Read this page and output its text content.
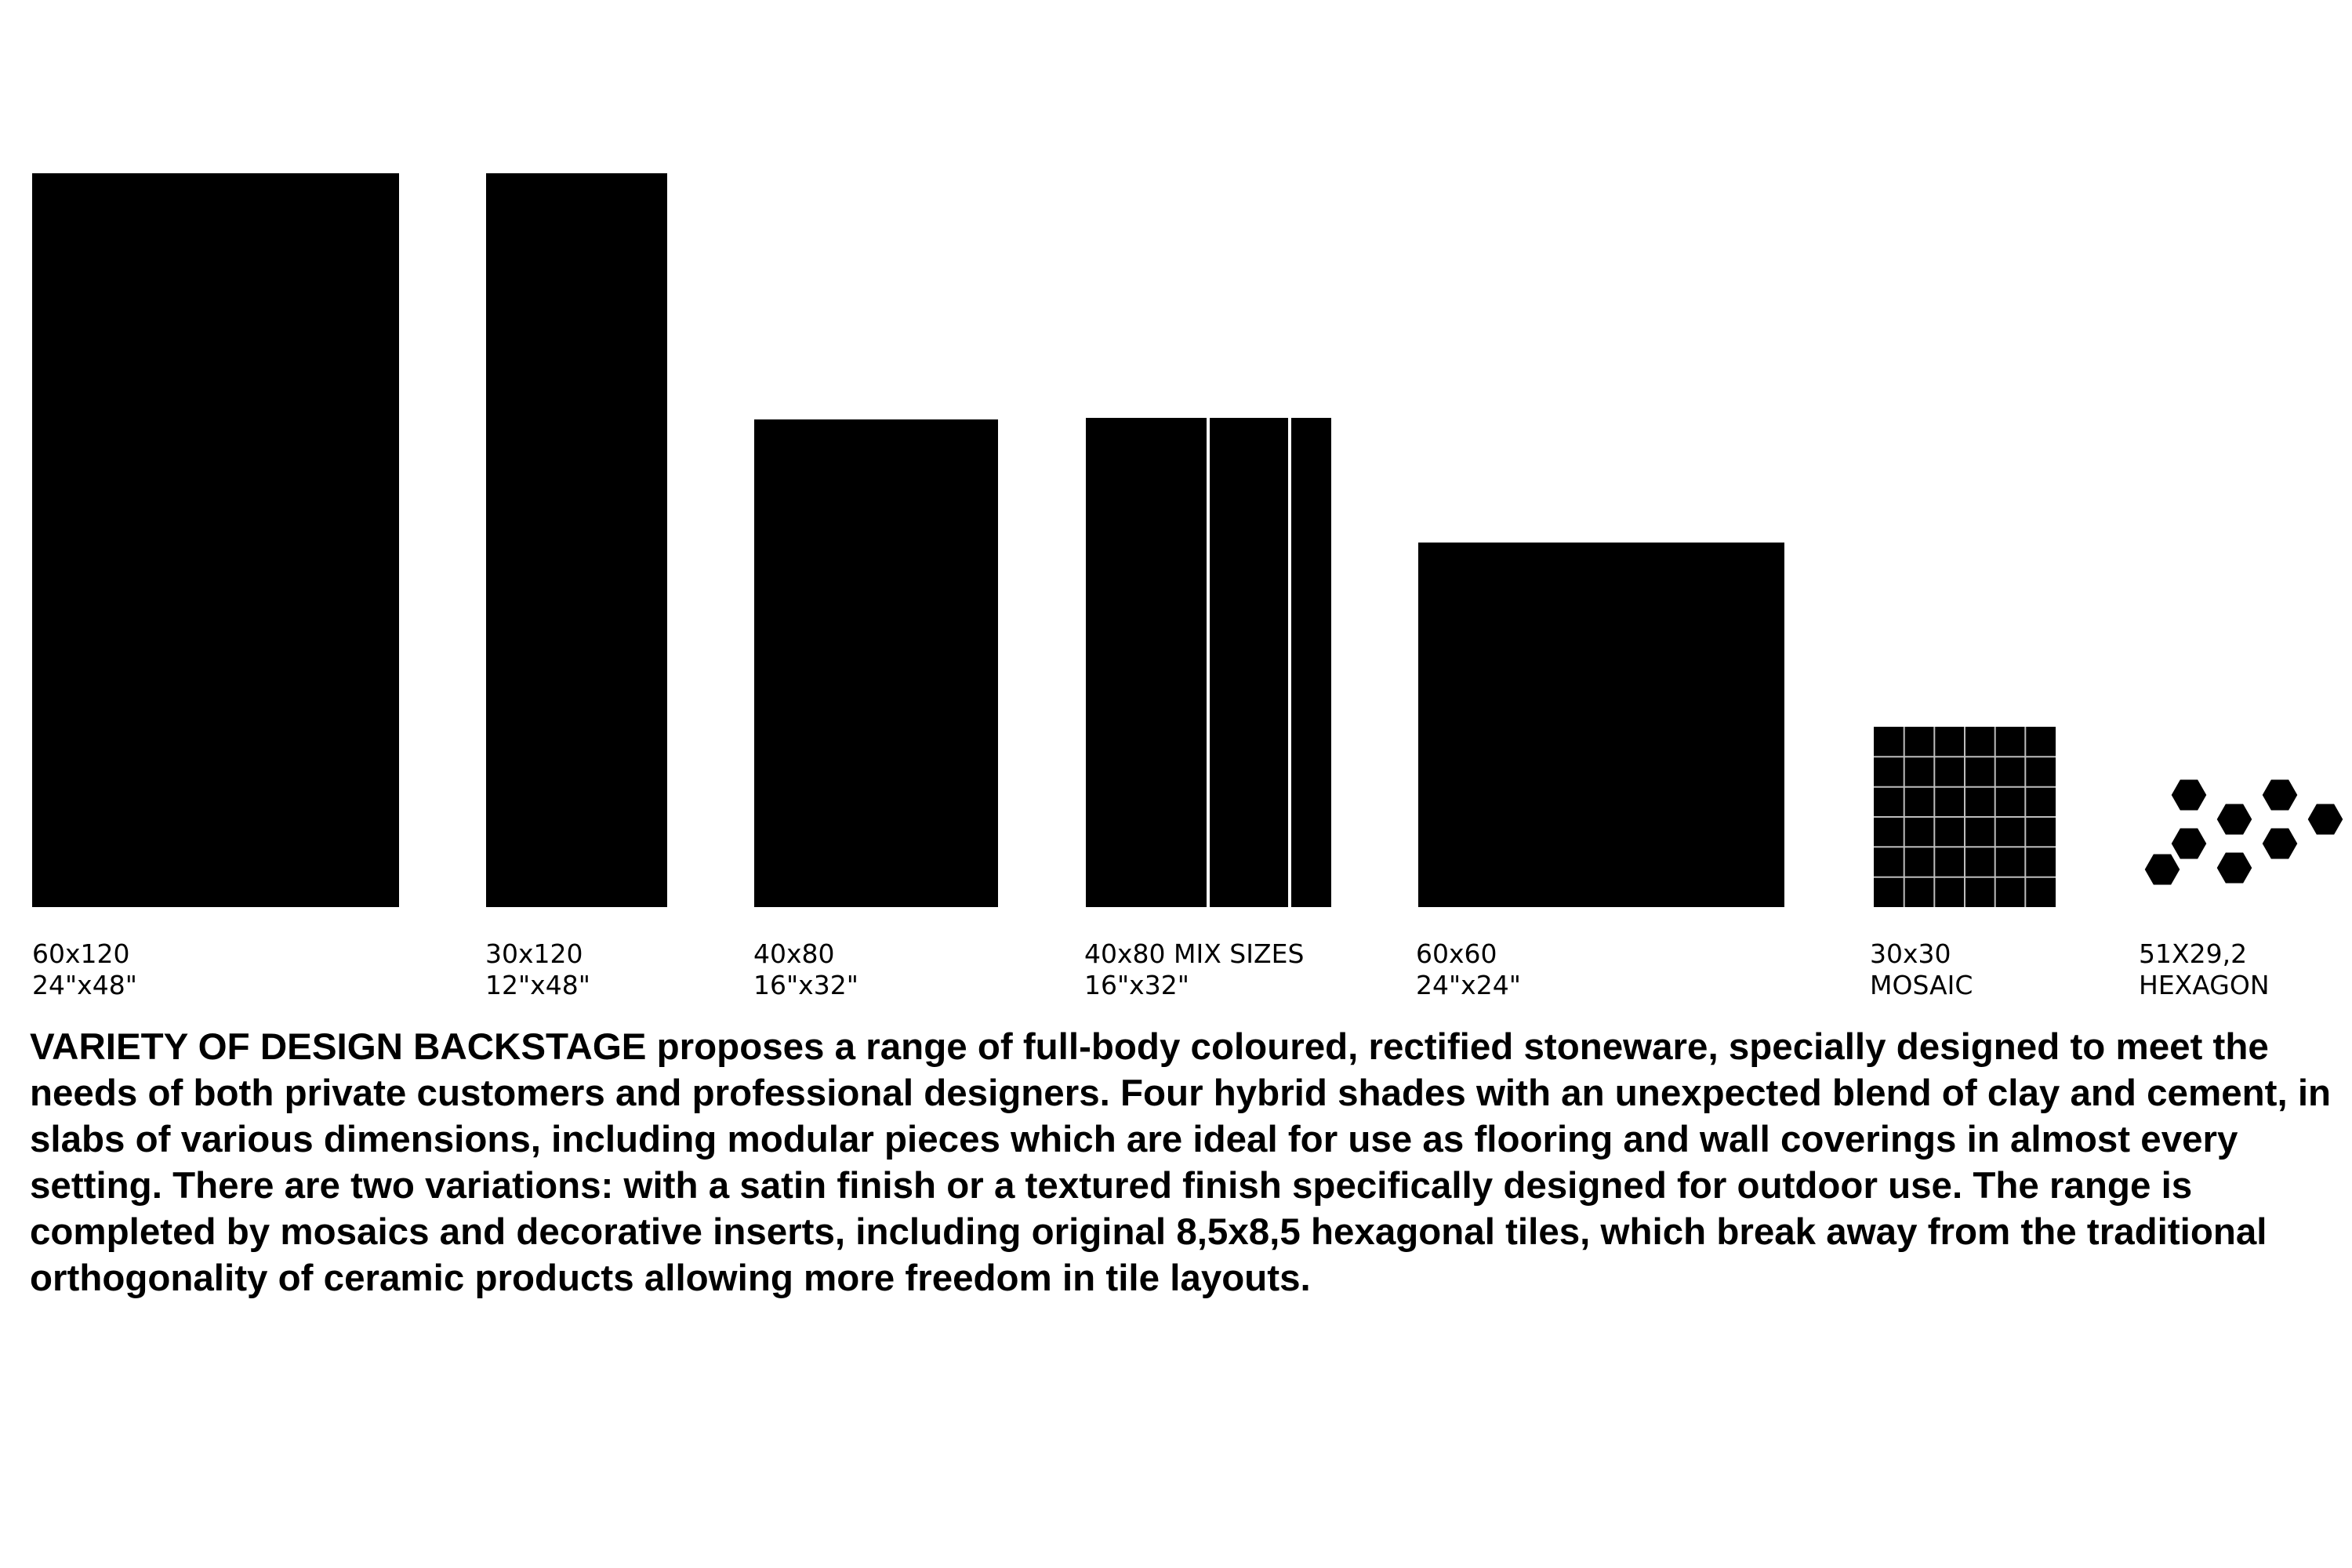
60x120
24"x48"
30x120
12"x48"
40x80
16"x32"
40x80 MIX SIZES
16"x32"
60x60
24"x24"
30x30
MOSAIC
51X29,2
HEXAGON

VARIETY OF DESIGN BACKSTAGE proposes a range of full-body coloured, rectified stoneware, specially designed to meet the needs of both private customers and professional designers. Four hybrid shades with an unexpected blend of clay and cement, in slabs of various dimensions, including modular pieces which are ideal for use as flooring and wall coverings in almost every setting. There are two variations: with a satin finish or a textured finish specifically designed for outdoor use. The range is completed by mosaics and decorative inserts, including original 8,5x8,5 hexagonal tiles, which break away from the traditional orthogonality of ceramic products allowing more freedom in tile layouts.
